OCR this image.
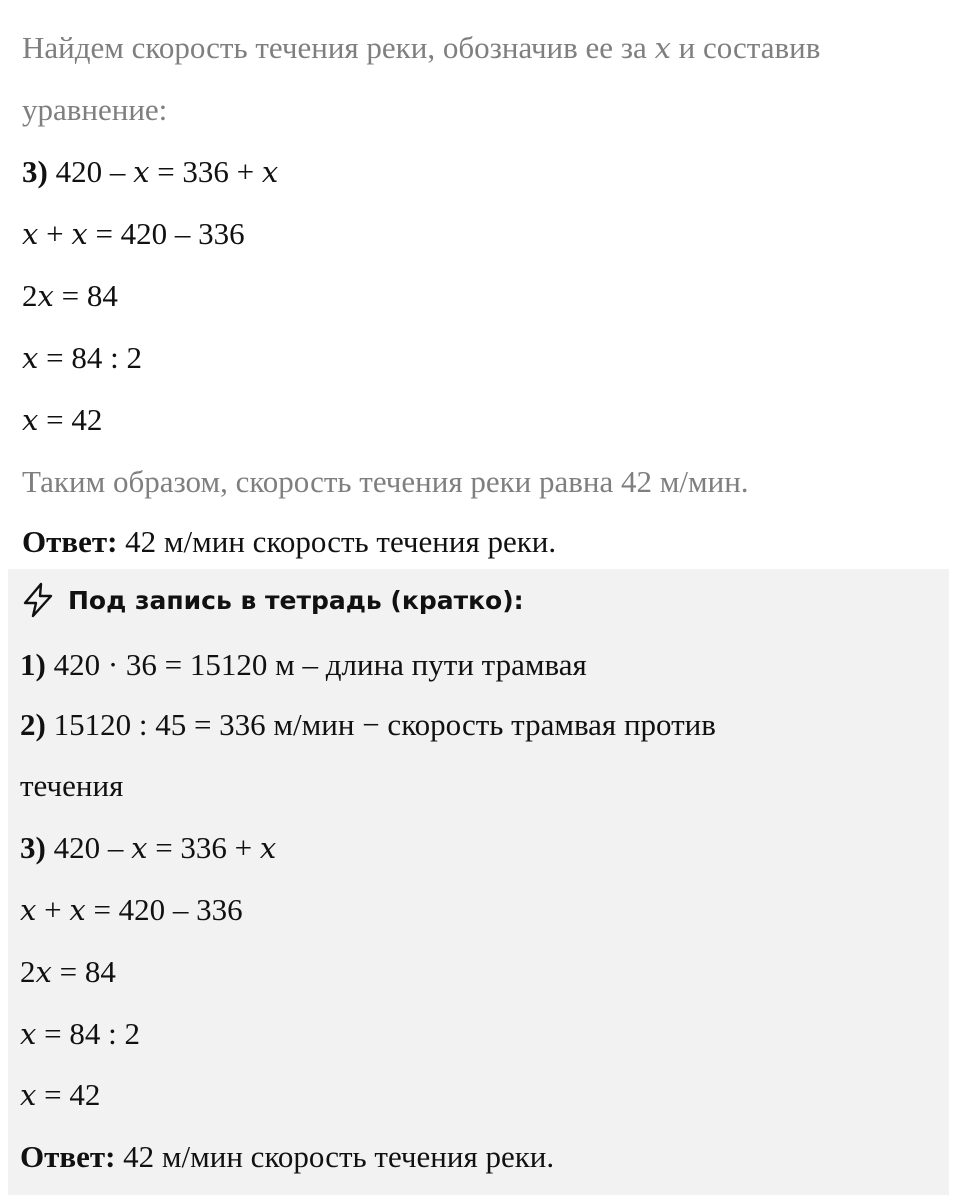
Найдем скорость течения реки, обозначив ее за x и составив
уравнение:
3) 420 – x = 336 + x
x + x = 420 – 336
2x = 84
x = 84 : 2
x = 42
Таким образом, скорость течения реки равна 42 м/мин.
Ответ: 42 м/мин скорость течения реки.
Под запись в тетрадь (кратко):
1) 420 · 36 = 15120 м – длина пути трамвая
2) 15120 : 45 = 336 м/мин − скорость трамвая против
течения
3) 420 – x = 336 + x
x + x = 420 – 336
2x = 84
x = 84 : 2
x = 42
Ответ: 42 м/мин скорость течения реки.
